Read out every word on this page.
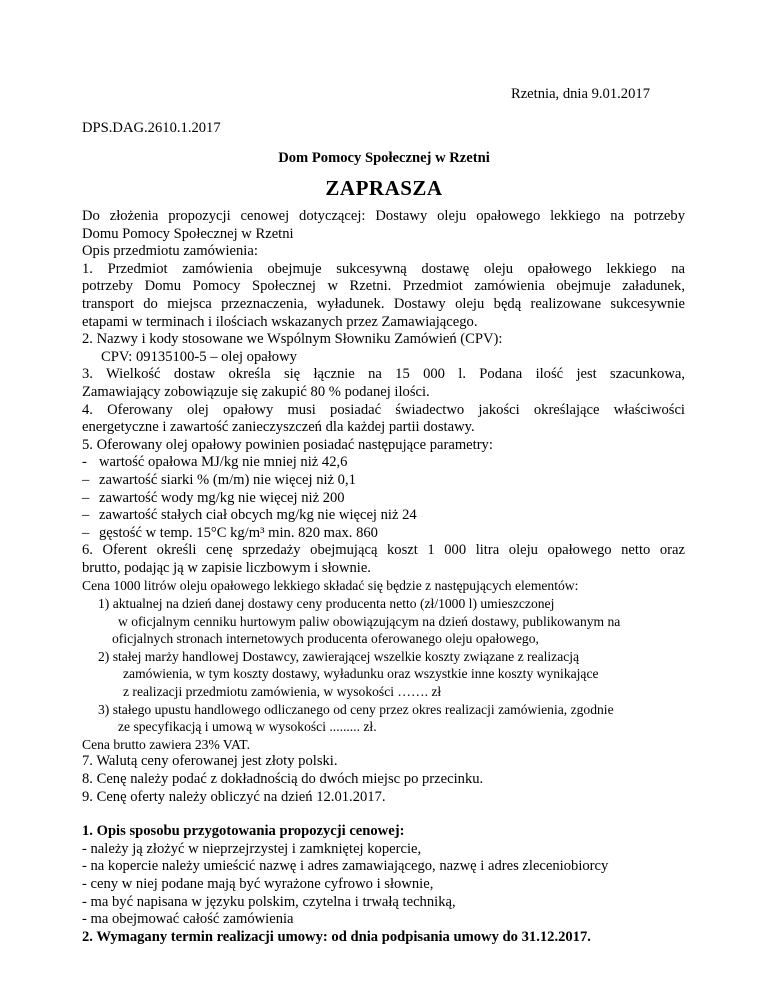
Rzetnia, dnia 9.01.2017
DPS.DAG.2610.1.2017
Dom Pomocy Społecznej w Rzetni
ZAPRASZA

Do złożenia propozycji cenowej dotyczącej: Dostawy oleju opałowego lekkiego na potrzeby

Domu Pomocy Społecznej w Rzetni

Opis przedmiotu zamówienia:

1. Przedmiot zamówienia obejmuje sukcesywną dostawę oleju opałowego lekkiego na

potrzeby Domu Pomocy Społecznej w Rzetni. Przedmiot zamówienia obejmuje załadunek,

transport do miejsca przeznaczenia, wyładunek. Dostawy oleju będą realizowane sukcesywnie

etapami w terminach i ilościach wskazanych przez Zamawiającego.

2. Nazwy i kody stosowane we Wspólnym Słowniku Zamówień (CPV):

CPV: 09135100-5 – olej opałowy

3. Wielkość dostaw określa się łącznie na 15 000 l. Podana ilość jest szacunkowa,

Zamawiający zobowiązuje się zakupić 80 % podanej ilości.

4. Oferowany olej opałowy musi posiadać świadectwo jakości określające właściwości

energetyczne i zawartość zanieczyszczeń dla każdej partii dostawy.

5. Oferowany olej opałowy powinien posiadać następujące parametry:

- wartość opałowa MJ/kg nie mniej niż 42,6
– zawartość siarki % (m/m) nie więcej niż 0,1
– zawartość wody mg/kg nie więcej niż 200
– zawartość stałych ciał obcych mg/kg nie więcej niż 24
– gęstość w temp. 15°C kg/m³ min. 820 max. 860

6. Oferent określi cenę sprzedaży obejmującą koszt 1 000 litra oleju opałowego netto oraz

brutto, podając ją w zapisie liczbowym i słownie.

Cena 1000 litrów oleju opałowego lekkiego składać się będzie z następujących elementów:

1) aktualnej na dzień danej dostawy ceny producenta netto (zł/1000 l) umieszczonej

w oficjalnym cenniku hurtowym paliw obowiązującym na dzień dostawy, publikowanym na

oficjalnych stronach internetowych producenta oferowanego oleju opałowego,

2) stałej marży handlowej Dostawcy, zawierającej wszelkie koszty związane z realizacją

zamówienia, w tym koszty dostawy, wyładunku oraz wszystkie inne koszty wynikające

z realizacji przedmiotu zamówienia, w wysokości ……. zł

3) stałego upustu handlowego odliczanego od ceny przez okres realizacji zamówienia, zgodnie

ze specyfikacją i umową w wysokości ......... zł.

Cena brutto zawiera 23% VAT.

7. Walutą ceny oferowanej jest złoty polski.

8. Cenę należy podać z dokładnością do dwóch miejsc po przecinku.

9. Cenę oferty należy obliczyć na dzień 12.01.2017.

1. Opis sposobu przygotowania propozycji cenowej:

- należy ją złożyć w nieprzejrzystej i zamkniętej kopercie,

- na kopercie należy umieścić nazwę i adres zamawiającego, nazwę i adres zleceniobiorcy

- ceny w niej podane mają być wyrażone cyfrowo i słownie,

- ma być napisana w języku polskim, czytelna i trwałą techniką,

- ma obejmować całość zamówienia

2. Wymagany termin realizacji umowy: od dnia podpisania umowy do 31.12.2017.
